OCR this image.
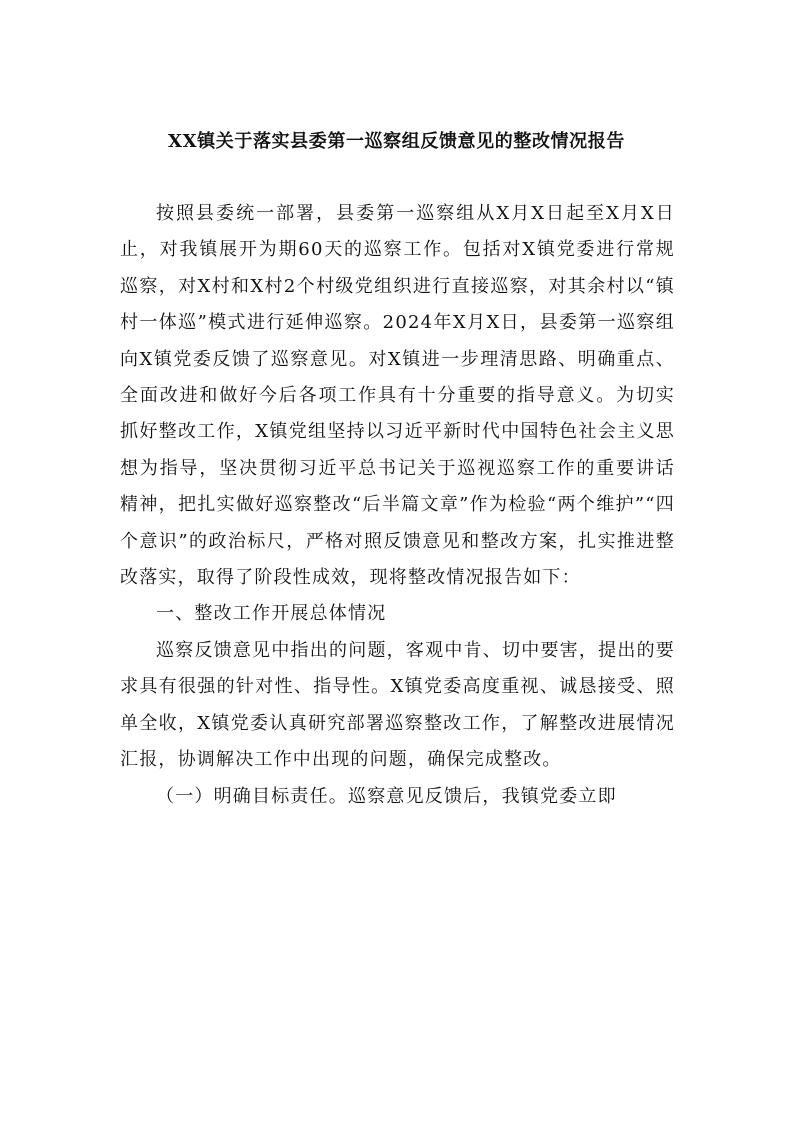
XX镇关于落实县委第一巡察组反馈意见的整改情况报告

按照县委统一部署，县委第一巡察组从X月X日起至X月X日止，对我镇展开为期60天的巡察工作。包括对X镇党委进行常规巡察，对X村和X村2个村级党组织进行直接巡察，对其余村以“镇村一体巡”模式进行延伸巡察。2024年X月X日，县委第一巡察组向X镇党委反馈了巡察意见。对X镇进一步理清思路、明确重点、全面改进和做好今后各项工作具有十分重要的指导意义。为切实抓好整改工作，X镇党组坚持以习近平新时代中国特色社会主义思想为指导，坚决贯彻习近平总书记关于巡视巡察工作的重要讲话精神，把扎实做好巡察整改“后半篇文章”作为检验“两个维护”“四个意识”的政治标尺，严格对照反馈意见和整改方案，扎实推进整改落实，取得了阶段性成效，现将整改情况报告如下：

一、整改工作开展总体情况

巡察反馈意见中指出的问题，客观中肯、切中要害，提出的要求具有很强的针对性、指导性。X镇党委高度重视、诚恳接受、照单全收，X镇党委认真研究部署巡察整改工作，了解整改进展情况汇报，协调解决工作中出现的问题，确保完成整改。

（一）明确目标责任。巡察意见反馈后，我镇党委立即
